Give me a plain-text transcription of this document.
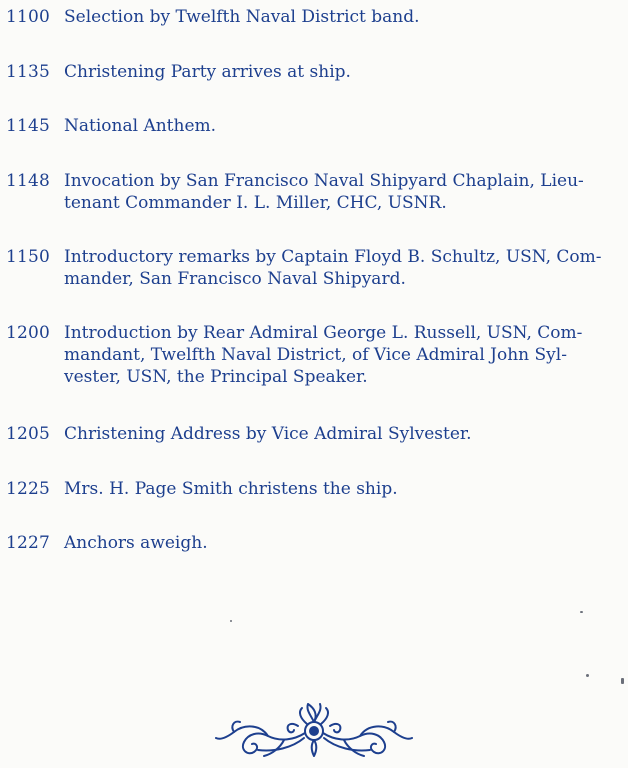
1100 Selection by Twelfth Naval District band.
1135 Christening Party arrives at ship.
1145 National Anthem.
1148 Invocation by San Francisco Naval Shipyard Chaplain, Lieu-
tenant Commander I. L. Miller, CHC, USNR.
1150 Introductory remarks by Captain Floyd B. Schultz, USN, Com-
mander, San Francisco Naval Shipyard.
1200 Introduction by Rear Admiral George L. Russell, USN, Com-
mandant, Twelfth Naval District, of Vice Admiral John Syl-
vester, USN, the Principal Speaker.
1205 Christening Address by Vice Admiral Sylvester.
1225 Mrs. H. Page Smith christens the ship.
1227 Anchors aweigh.
